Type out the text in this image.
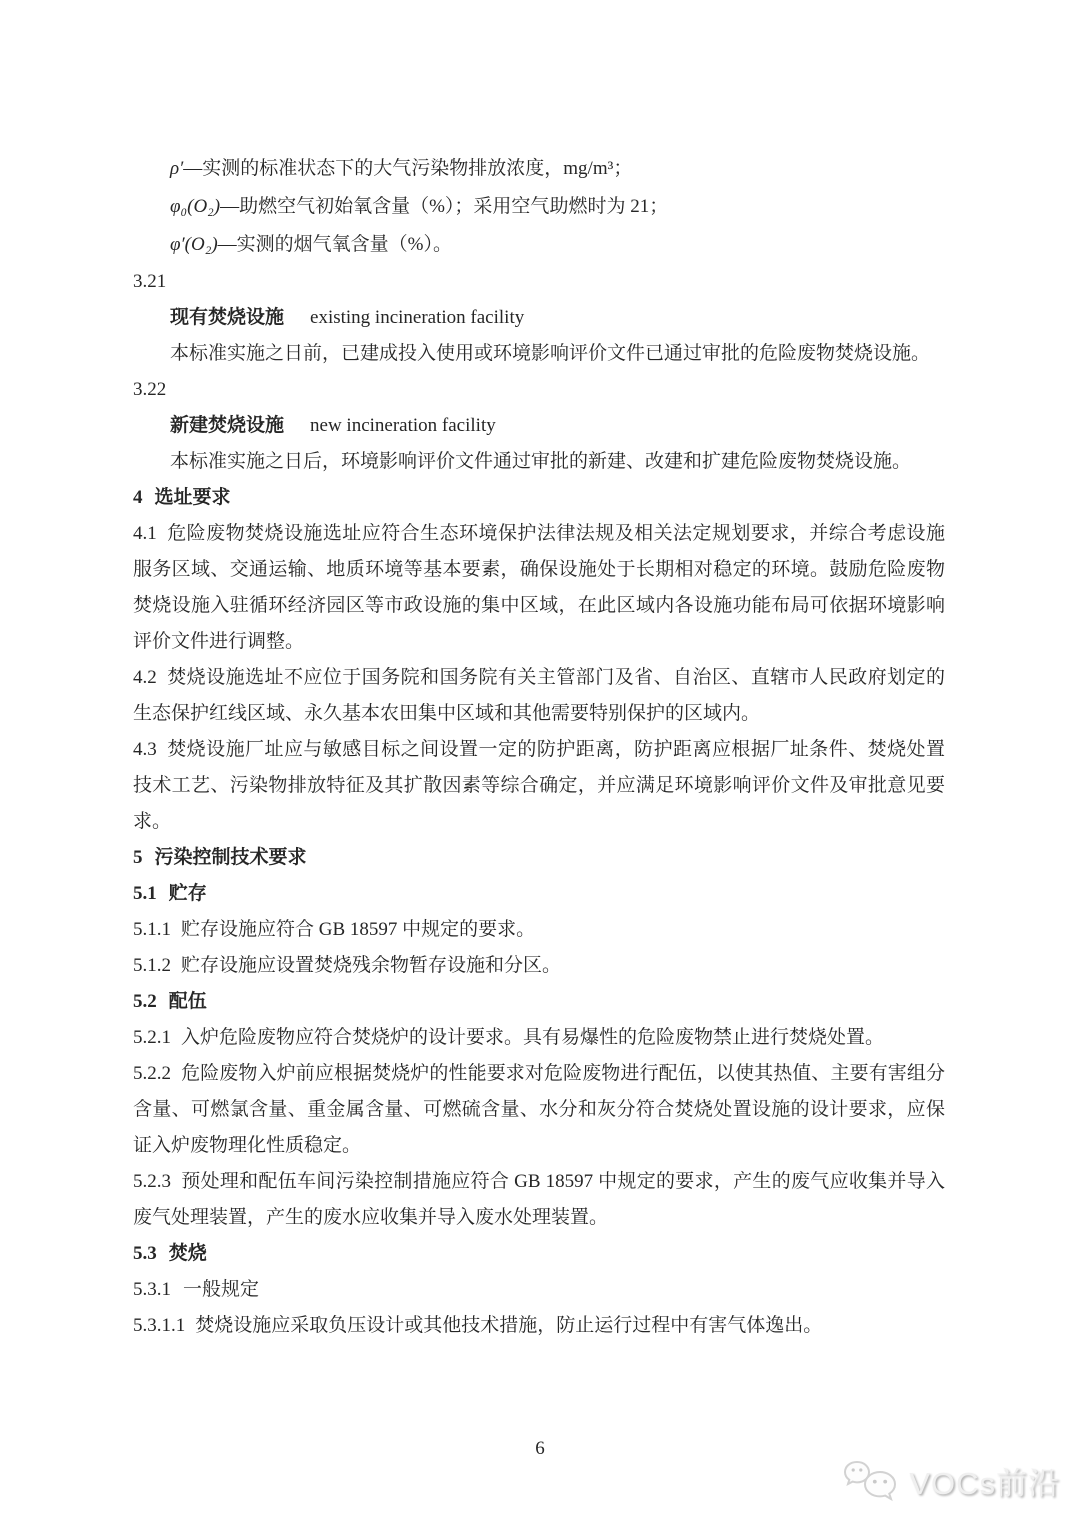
ρ′—实测的标准状态下的大气污染物排放浓度，mg/m³；

φ₀(O₂)—助燃空气初始氧含量（%）；采用空气助燃时为 21；

φ′(O₂)—实测的烟气氧含量（%）。

3.21

现有焚烧设施 existing incineration facility

本标准实施之日前，已建成投入使用或环境影响评价文件已通过审批的危险废物焚烧设施。

3.22

新建焚烧设施 new incineration facility

本标准实施之日后，环境影响评价文件通过审批的新建、改建和扩建危险废物焚烧设施。

4 选址要求

4.1 危险废物焚烧设施选址应符合生态环境保护法律法规及相关法定规划要求，并综合考虑设施服务区域、交通运输、地质环境等基本要素，确保设施处于长期相对稳定的环境。鼓励危险废物焚烧设施入驻循环经济园区等市政设施的集中区域，在此区域内各设施功能布局可依据环境影响评价文件进行调整。

4.2 焚烧设施选址不应位于国务院和国务院有关主管部门及省、自治区、直辖市人民政府划定的生态保护红线区域、永久基本农田集中区域和其他需要特别保护的区域内。

4.3 焚烧设施厂址应与敏感目标之间设置一定的防护距离，防护距离应根据厂址条件、焚烧处置技术工艺、污染物排放特征及其扩散因素等综合确定，并应满足环境影响评价文件及审批意见要求。

5 污染控制技术要求

5.1 贮存

5.1.1 贮存设施应符合 GB 18597 中规定的要求。

5.1.2 贮存设施应设置焚烧残余物暂存设施和分区。

5.2 配伍

5.2.1 入炉危险废物应符合焚烧炉的设计要求。具有易爆性的危险废物禁止进行焚烧处置。

5.2.2 危险废物入炉前应根据焚烧炉的性能要求对危险废物进行配伍，以使其热值、主要有害组分含量、可燃氯含量、重金属含量、可燃硫含量、水分和灰分符合焚烧处置设施的设计要求，应保证入炉废物理化性质稳定。

5.2.3 预处理和配伍车间污染控制措施应符合 GB 18597 中规定的要求，产生的废气应收集并导入废气处理装置，产生的废水应收集并导入废水处理装置。

5.3 焚烧

5.3.1 一般规定

5.3.1.1 焚烧设施应采取负压设计或其他技术措施，防止运行过程中有害气体逸出。

6
VOCs前沿
